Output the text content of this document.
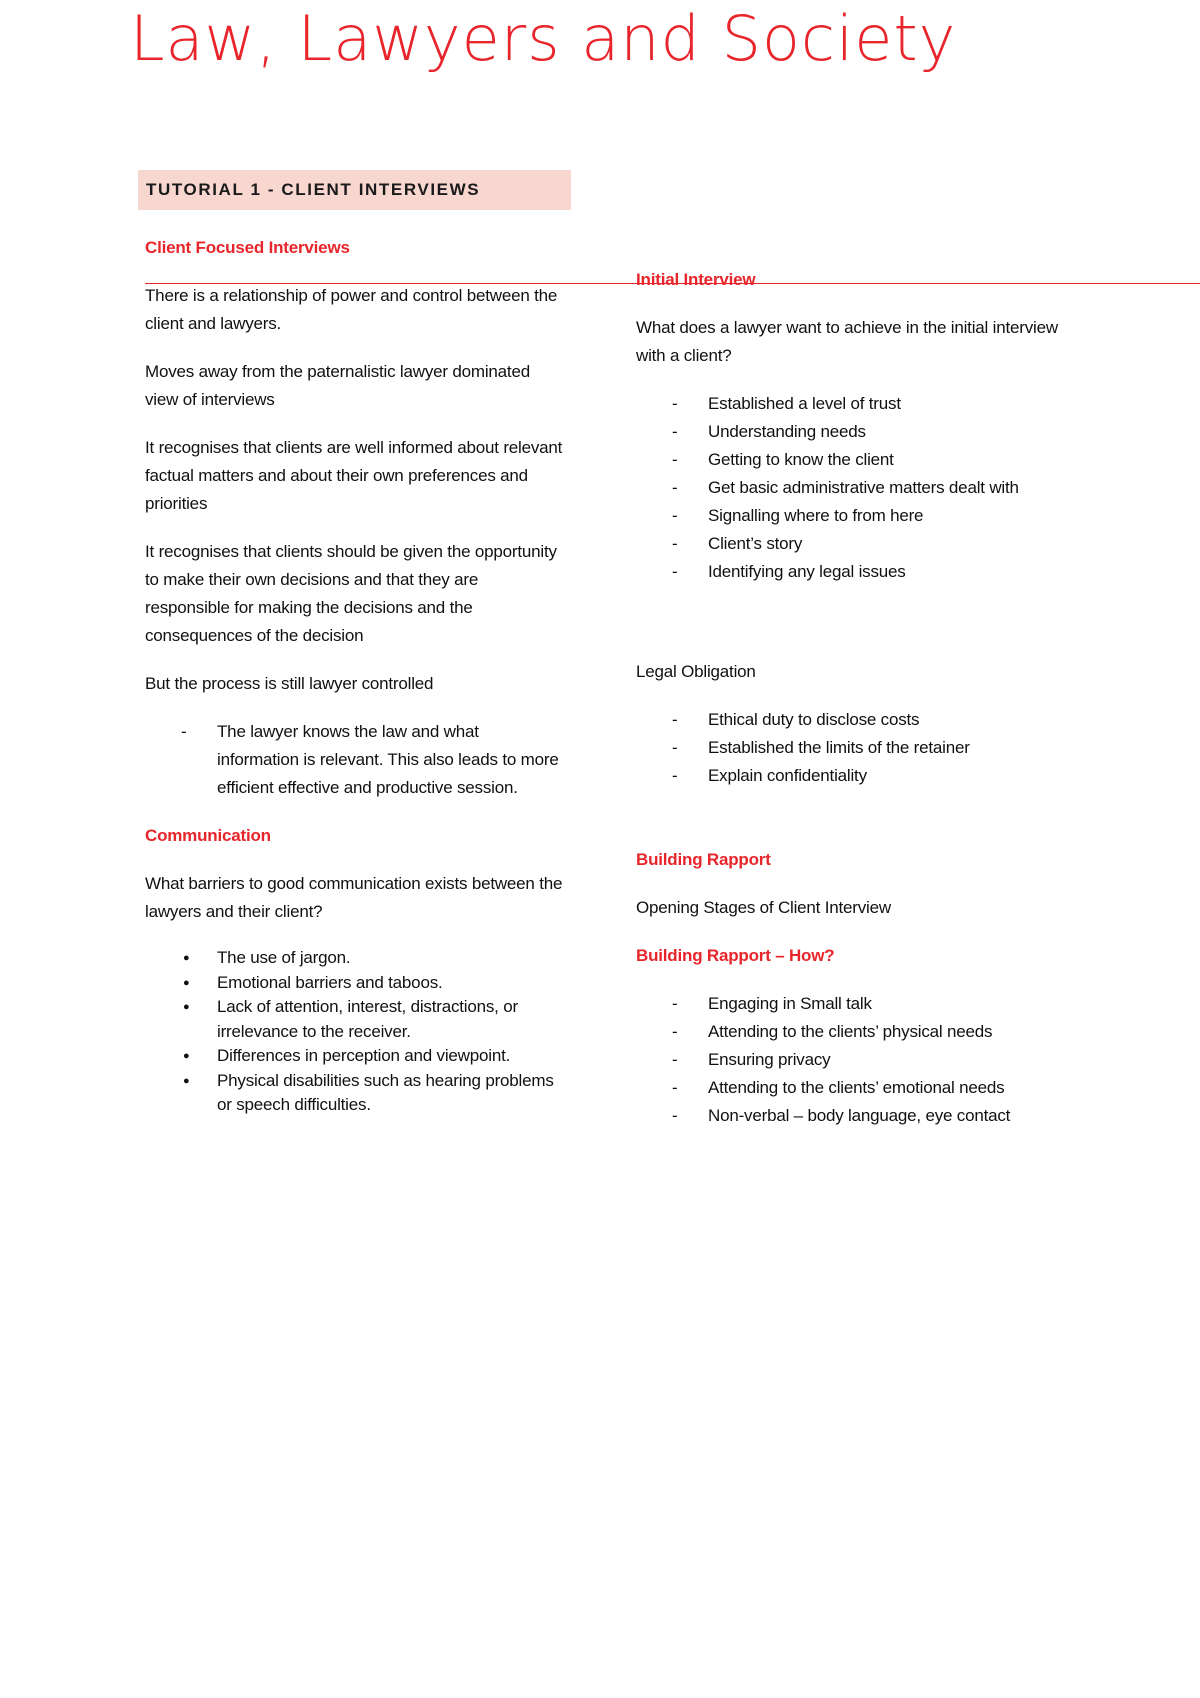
Law, Lawyers and Society
TUTORIAL 1 - CLIENT INTERVIEWS
Client Focused Interviews

There is a relationship of power and control between the client and lawyers.

Moves away from the paternalistic lawyer dominated view of interviews

It recognises that clients are well informed about relevant factual matters and about their own preferences and priorities

It recognises that clients should be given the opportunity to make their own decisions and that they are responsible for making the decisions and the consequences of the decision

But the process is still lawyer controlled

- The lawyer knows the law and what information is relevant. This also leads to more efficient effective and productive session.
Communication

What barriers to good communication exists between the lawyers and their client?

● The use of jargon.
● Emotional barriers and taboos.
● Lack of attention, interest, distractions, or irrelevance to the receiver.
● Differences in perception and viewpoint.
● Physical disabilities such as hearing problems or speech difficulties.
Initial Interview

What does a lawyer want to achieve in the initial interview with a client?

- Established a level of trust
- Understanding needs
- Getting to know the client
- Get basic administrative matters dealt with
- Signalling where to from here
- Client’s story
- Identifying any legal issues

Legal Obligation

- Ethical duty to disclose costs
- Established the limits of the retainer
- Explain confidentiality
Building Rapport

Opening Stages of Client Interview

Building Rapport – How?
- Engaging in Small talk
- Attending to the clients’ physical needs
- Ensuring privacy
- Attending to the clients’ emotional needs
- Non-verbal – body language, eye contact
